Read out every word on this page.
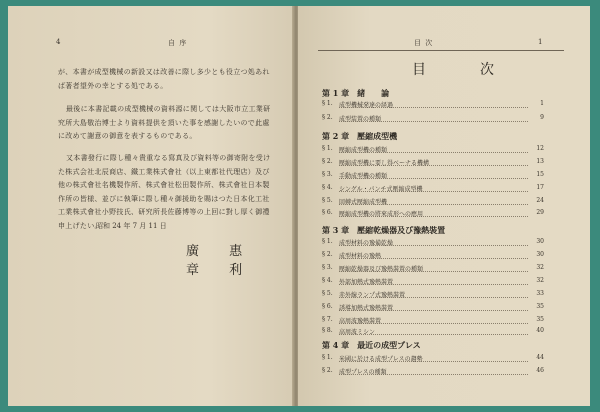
4	自 序

が、本書が成型機械の新設又は改善に際し多少とも役立つ処あれば著者望外の幸とする処である。

最後に本書記載の成型機械の資料源に関しては大阪市立工業研究所大島敬治博士より資料提供を頂いた事を感謝したいので此處に改めて謝意の御意を表するものである。

又本書發行に際し種々貴重なる寫真及び資料等の御寄附を受けた株式会社北辰商店、鐵工業株式會社（以上東都社代理店）及び他の株式會社名機製作所、株式會社松田製作所、株式會社日本製作所の皆様、並びに執筆に際し種々御援助を賜はつた日本化工社工業株式會社小野技氏、研究所長佐藤博等の上回に對し厚く御禮申上げたい。

昭和 24 年 7 月 11 日
廣 惠 章 利
目 次	1
目　次
第 1 章　緒　　論
§ 1. 成型機械発達の経過	1
§ 2. 成型装置の種類	9
第 2 章　壓縮成型機
§ 1. 壓縮成型機の種類	12
§ 2. 壓縮成型機に要し得ベーナる機構	13
§ 3. 手動成型機の種類	15
§ 4. シングル・パンチ式壓縮成型機	17
§ 5. 回轉式壓縮成型機	24
§ 6. 壓縮成型機の將來成形への應用	29
第 3 章　壓縮乾燥器及び豫熱裝置
§ 1. 成型材料の豫備乾燥	30
§ 2. 成型材料の豫熱	30
§ 3. 壓縮乾燥器及び豫熱裝置の種類	32
§ 4. 外部加熱式豫熱裝置	32
§ 5. 赤外線ランプ式豫熱裝置	33
§ 6. 誘導加熱式豫熱裝置	35
§ 7. 高周波豫熱裝置	35
§ 8. 高周波ミシン	40
第 4 章　最近の成型プレス
§ 1. 米國に於ける成型プレスの趨勢	44
§ 2. 成型プレスの種類	46
